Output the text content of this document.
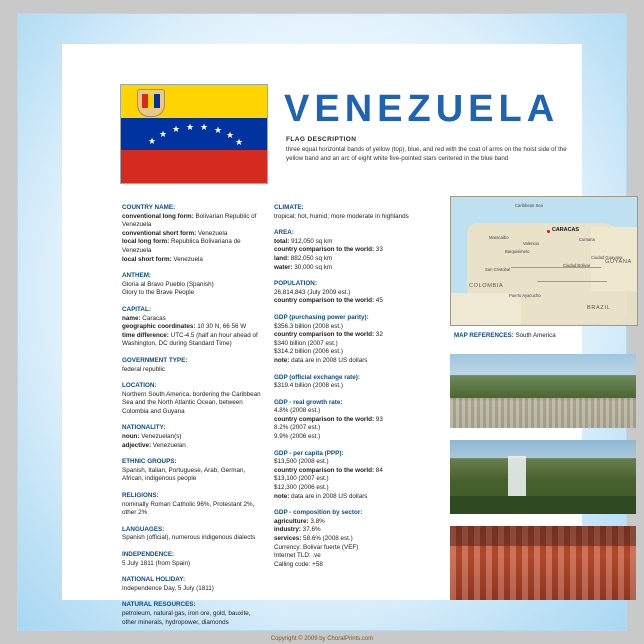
★
★ ★ ★ ★ ★ ★
★
VENEZUELA
FLAG DESCRIPTION
three equal horizontal bands of yellow (top), blue, and red with the coat of arms on the hoist side of the yellow band and an arc of eight white five-pointed stars centered in the blue band
COUNTRY NAME:
conventional long form: Bolivarian Republic of Venezuela
conventional short form: Venezuela
local long form: Republica Bolivariana de Venezuela
local short form: Venezuela
ANTHEM:
Gloria al Bravo Pueblo (Spanish)
Glory to the Brave People
CAPITAL:
name: Caracas
geographic coordinates: 10 30 N, 66 56 W
time difference: UTC-4.5 (half an hour ahead of Washington, DC during Standard Time)
GOVERNMENT TYPE:
federal republic
LOCATION:
Northern South America, bordering the Caribbean Sea and the North Atlantic Ocean, between Colombia and Guyana
NATIONALITY:
noun: Venezuelan(s)
adjective: Venezuelan
ETHNIC GROUPS:
Spanish, Italian, Portuguese, Arab, German, African, indigenous people
RELIGIONS:
nominally Roman Catholic 96%, Protestant 2%, other 2%
LANGUAGES:
Spanish (official), numerous indigenous dialects
INDEPENDENCE:
5 July 1811 (from Spain)
NATIONAL HOLIDAY:
Independence Day, 5 July (1811)
NATURAL RESOURCES:
petroleum, natural gas, iron ore, gold, bauxite, other minerals, hydropower, diamonds
CLIMATE:
tropical; hot, humid; more moderate in highlands
AREA:
total: 912,050 sq km
country comparison to the world: 33
land: 882,050 sq km
water: 30,000 sq km
POPULATION:
26,814,843 (July 2009 est.)
country comparison to the world: 45
GDP (purchasing power parity):
$356.3 billion (2008 est.)
country comparison to the world: 32
$340 billion (2007 est.)
$314.2 billion (2006 est.)
note: data are in 2008 US dollars
GDP (official exchange rate):
$319.4 billion (2008 est.)
GDP - real growth rate:
4.8% (2008 est.)
country comparison to the world: 93
8.2% (2007 est.)
9.9% (2006 est.)
GDP - per capita (PPP):
$13,500 (2008 est.)
country comparison to the world: 84
$13,100 (2007 est.)
$12,300 (2006 est.)
note: data are in 2008 US dollars
GDP - composition by sector:
agriculture: 3.8%
industry: 37.6%
services: 58.6% (2008 est.)
Currency: Bolivar fuerte (VEF)
Internet TLD: .ve
Calling code: +58
Caribbean Sea
CARACAS
Maracaibo
Valencia
Barquisimeto
Cumana
Ciudad Guayana
Ciudad Bolivar
Puerto Ayacucho
San Cristobal
COLOMBIA
BRAZIL
GUYANA
MAP REFERENCES: South America
Copyright © 2009 by ChoralPrints.com
